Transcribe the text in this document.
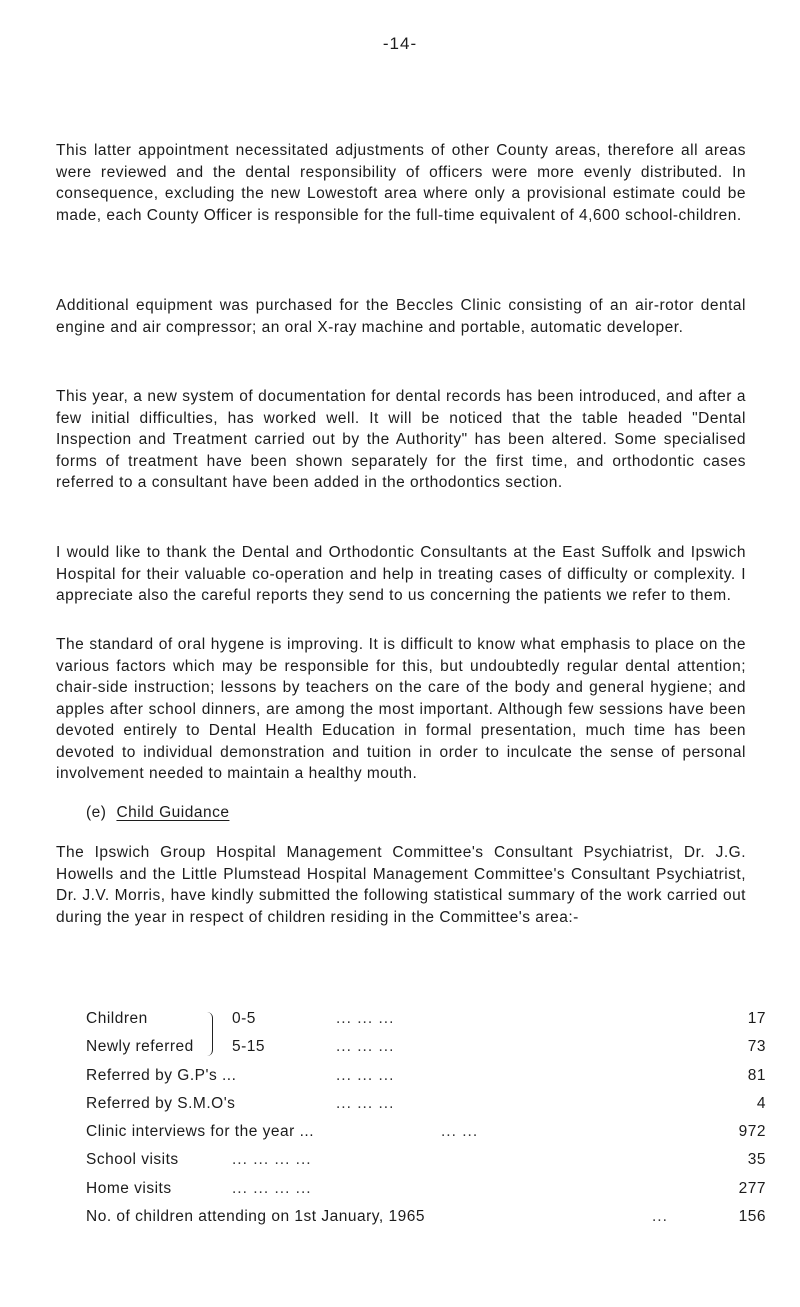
-14-

This latter appointment necessitated adjustments of other County areas, therefore all areas were reviewed and the dental responsibility of officers were more evenly distributed. In consequence, excluding the new Lowestoft area where only a provisional estimate could be made, each County Officer is responsible for the full-time equivalent of 4,600 school-children.

Additional equipment was purchased for the Beccles Clinic consisting of an air-rotor dental engine and air compressor; an oral X-ray machine and portable, automatic developer.

This year, a new system of documentation for dental records has been introduced, and after a few initial difficulties, has worked well. It will be noticed that the table headed "Dental Inspection and Treatment carried out by the Authority" has been altered. Some specialised forms of treatment have been shown separately for the first time, and orthodontic cases referred to a consultant have been added in the orthodontics section.

I would like to thank the Dental and Orthodontic Consultants at the East Suffolk and Ipswich Hospital for their valuable co-operation and help in treating cases of difficulty or complexity. I appreciate also the careful reports they send to us concerning the patients we refer to them.

The standard of oral hygene is improving. It is difficult to know what emphasis to place on the various factors which may be responsible for this, but undoubtedly regular dental attention; chair-side instruction; lessons by teachers on the care of the body and general hygiene; and apples after school dinners, are among the most important. Although few sessions have been devoted entirely to Dental Health Education in formal presentation, much time has been devoted to individual demonstration and tuition in order to inculcate the sense of personal involvement needed to maintain a healthy mouth.

(e) Child Guidance

The Ipswich Group Hospital Management Committee's Consultant Psychiatrist, Dr. J.G. Howells and the Little Plumstead Hospital Management Committee's Consultant Psychiatrist, Dr. J.V. Morris, have kindly submitted the following statistical summary of the work carried out during the year in respect of children residing in the Committee's area:-

Children	0-5	... ... ...	17
Newly referred 5-15	... ... ...	73
Referred by G.P's ...	... ... ...	81
Referred by S.M.O's	... ... ...	4
Clinic interviews for the year ...	... ...	972
School visits	... ... ... ...	35
Home visits	... ... ... ...	277
No. of children attending on 1st January, 1965	...	156
